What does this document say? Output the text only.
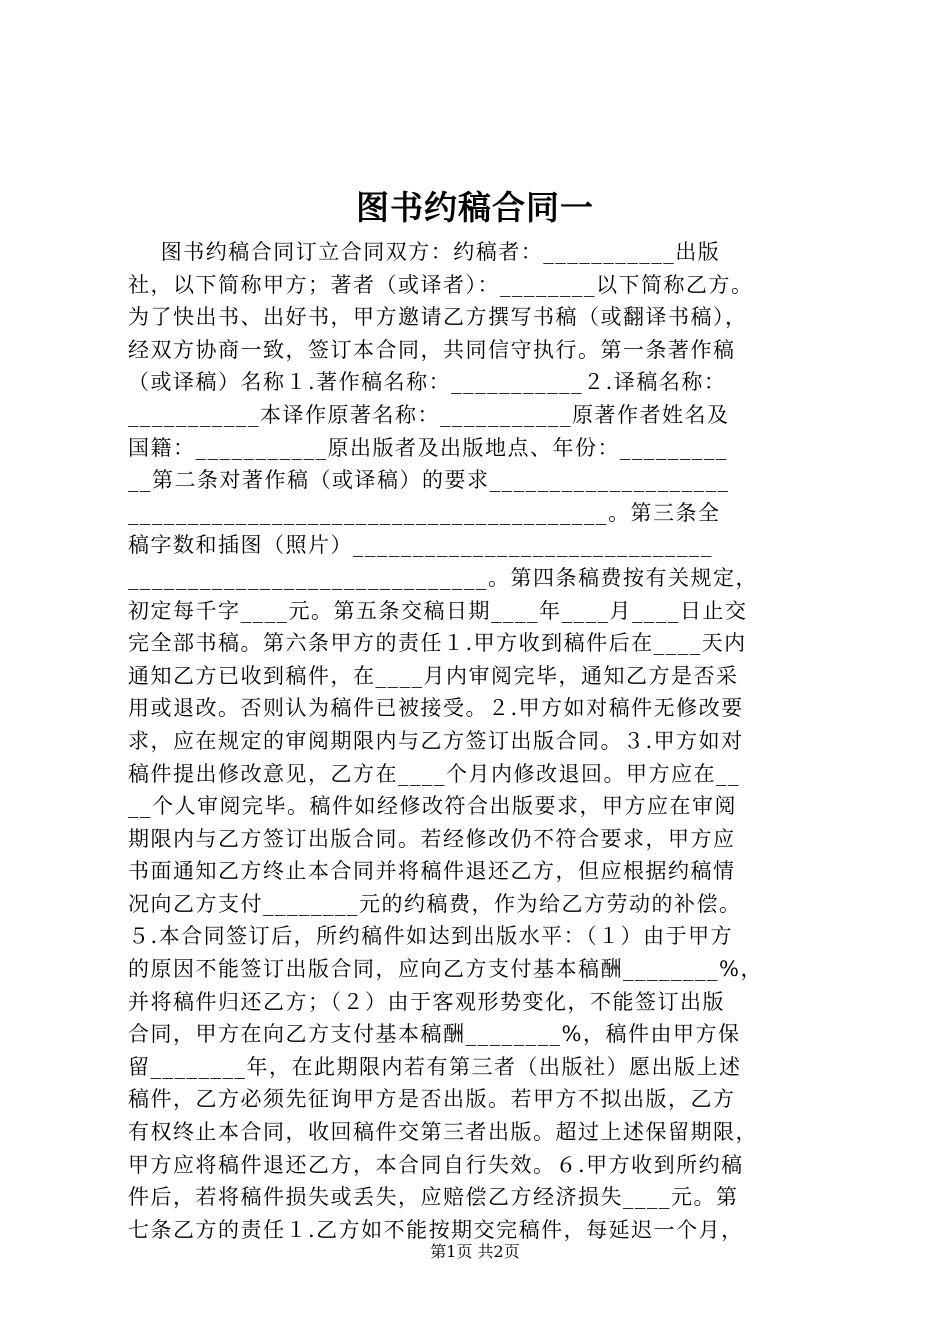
图书约稿合同一
图书约稿合同订立合同双方：约稿者：___________出版
社，以下简称甲方；著者（或译者）：________以下简称乙方。
为了快出书、出好书，甲方邀请乙方撰写书稿（或翻译书稿），
经双方协商一致，签订本合同，共同信守执行。第一条著作稿
（或译稿）名称１.著作稿名称：___________２.译稿名称：
___________本译作原著名称：___________原著作者姓名及
国籍：___________原出版者及出版地点、年份：_________
__第二条对著作稿（或译稿）的要求____________________
________________________________________。第三条全
稿字数和插图（照片）______________________________
______________________________。第四条稿费按有关规定，
初定每千字____元。第五条交稿日期____年____月____日止交
完全部书稿。第六条甲方的责任１.甲方收到稿件后在____天内
通知乙方已收到稿件，在____月内审阅完毕，通知乙方是否采
用或退改。否则认为稿件已被接受。２.甲方如对稿件无修改要
求，应在规定的审阅期限内与乙方签订出版合同。３.甲方如对
稿件提出修改意见，乙方在____个月内修改退回。甲方应在__
__个人审阅完毕。稿件如经修改符合出版要求，甲方应在审阅
期限内与乙方签订出版合同。若经修改仍不符合要求，甲方应
书面通知乙方终止本合同并将稿件退还乙方，但应根据约稿情
况向乙方支付________元的约稿费，作为给乙方劳动的补偿。
５.本合同签订后，所约稿件如达到出版水平：（１）由于甲方
的原因不能签订出版合同，应向乙方支付基本稿酬________%，
并将稿件归还乙方；（２）由于客观形势变化，不能签订出版
合同，甲方在向乙方支付基本稿酬________%，稿件由甲方保
留________年，在此期限内若有第三者（出版社）愿出版上述
稿件，乙方必须先征询甲方是否出版。若甲方不拟出版，乙方
有权终止本合同，收回稿件交第三者出版。超过上述保留期限，
甲方应将稿件退还乙方，本合同自行失效。６.甲方收到所约稿
件后，若将稿件损失或丢失，应赔偿乙方经济损失____元。第
七条乙方的责任１.乙方如不能按期交完稿件，每延迟一个月，
第1页 共2页
